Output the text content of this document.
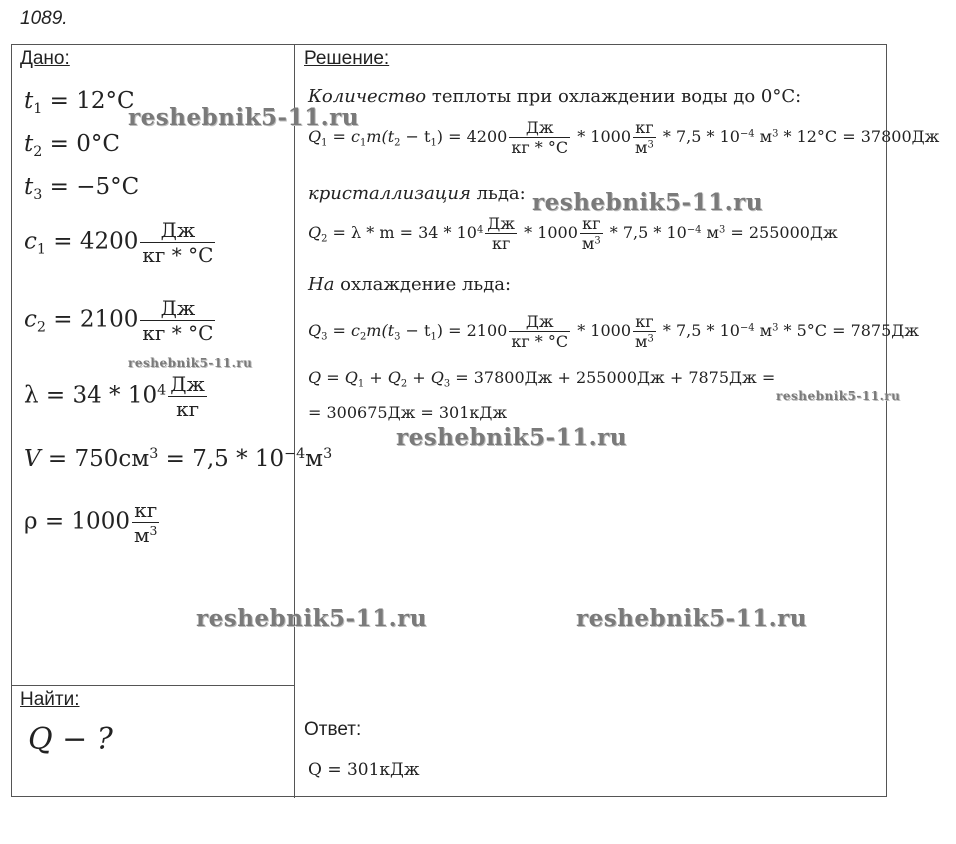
1089.
Дано:
$t_1 = 12^\circ C$
$t_2 = 0^\circ C$
$t_3 = -5^\circ C$
$c_1 = 4200 \frac{Дж}{кг * ^\circ C}$
$c_2 = 2100 \frac{Дж}{кг * ^\circ C}$
$\lambda = 34 * 10^4 \frac{Дж}{кг}$
$V = 750см^3 = 7,5 * 10^{-4}м^3$
$\rho = 1000 \frac{кг}{м^3}$
Найти:
Q − ?
Решение:
Количество теплоты при охлаждении воды до 0°C:
$Q_1 = c_1m(t_2 - t_1) = 4200 \frac{Дж}{кг * ^\circ C} * 1000 \frac{кг}{м^3} * 7,5 * 10^{-4}$ $м^3 * 12^\circ C = 37800Дж$
кристаллизация льда:
$Q_2 = \lambda * m = 34 * 10^4 \frac{Дж}{кг} * 1000 \frac{кг}{м^3} * 7,5 * 10^{-4}$ $м^3 = 255000Дж$
На охлаждение льда:
$Q_3 = c_2m(t_3 - t_1) = 2100 \frac{Дж}{кг * ^\circ C} * 1000 \frac{кг}{м^3} * 7,5 * 10^{-4}$ $м^3 * 5^\circ C = 7875Дж$
$Q = Q_1 + Q_2 + Q_3 = 37800Дж + 255000Дж + 7875Дж$ =
= 300675Дж = 301кДж
Ответ:
Q = 301кДж
reshebnik5-11.ru
reshebnik5-11.ru
reshebnik5-11.ru
reshebnik5-11.ru
reshebnik5-11.ru
reshebnik5-11.ru	reshebnik5-11.ru
